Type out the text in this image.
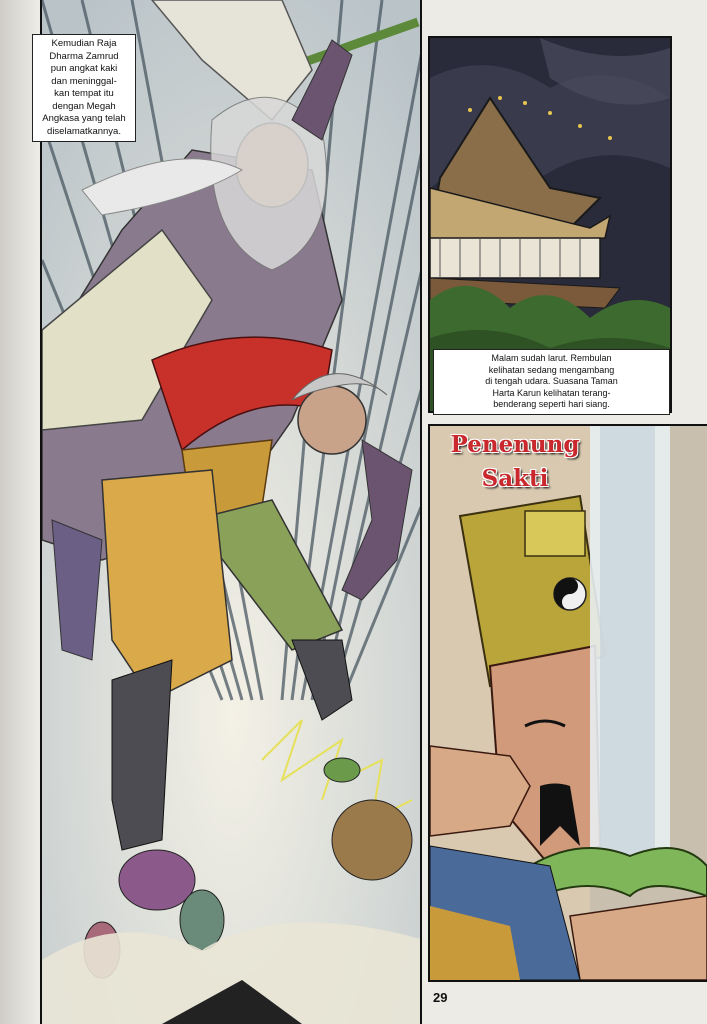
Kemudian Raja
Dharma Zamrud
pun angkat kaki
dan meninggal-
kan tempat itu
dengan Megah
Angkasa yang telah
diselamatkannya.
Malam sudah larut. Rembulan
kelihatan sedang mengambang
di tengah udara. Suasana Taman
Harta Karun kelihatan terang-
benderang seperti hari siang.
Penenung
Sakti
29
